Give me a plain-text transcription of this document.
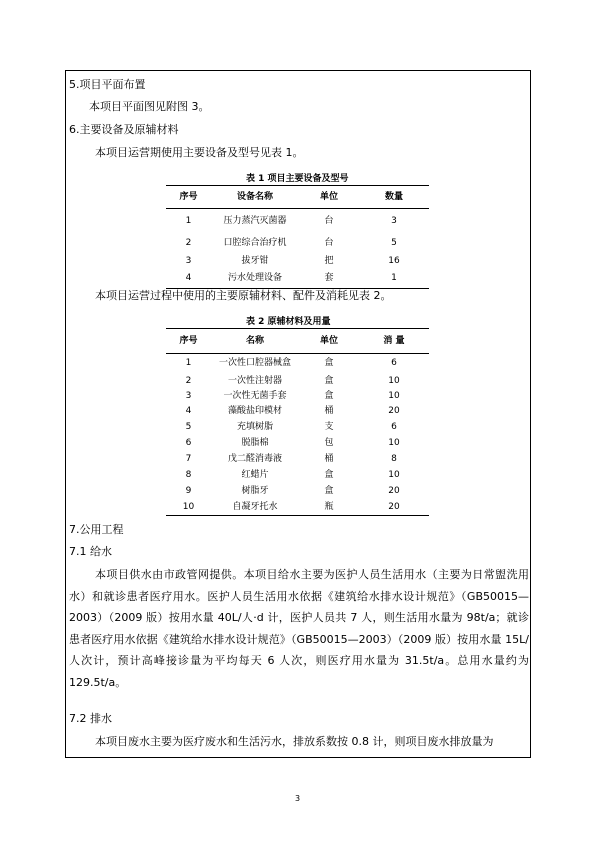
5.项目平面布置
本项目平面图见附图 3。
6.主要设备及原辅材料
本项目运营期使用主要设备及型号见表 1。
表 1 项目主要设备及型号
序号	设备名称	单位	数量
1	压力蒸汽灭菌器	台	3
2	口腔综合治疗机	台	5
3	拔牙钳	把	16
4	污水处理设备	套	1
本项目运营过程中使用的主要原辅材料、配件及消耗见表 2。
表 2 原辅材料及用量
序号	名称	单位	消 量
1	一次性口腔器械盒	盒	6
2	一次性注射器	盒	10
3	一次性无菌手套	盒	10
4	藻酸盐印模材	桶	20
5	充填树脂	支	6
6	脱脂棉	包	10
7	戊二醛消毒液	桶	8
8	红蜡片	盒	10
9	树脂牙	盒	20
10	自凝牙托水	瓶	20
7.公用工程
7.1 给水
本项目供水由市政管网提供。本项目给水主要为医护人员生活用水（主要为日常盥洗用水）和就诊患者医疗用水。医护人员生活用水依据《建筑给水排水设计规范》（GB50015—2003）（2009 版）按用水量 40L/人·d 计，医护人员共 7 人，则生活用水量为 98t/a；就诊患者医疗用水依据《建筑给水排水设计规范》（GB50015—2003）（2009 版）按用水量 15L/人次计，预计高峰接诊量为平均每天 6 人次，则医疗用水量为 31.5t/a。总用水量约为 129.5t/a。
7.2 排水
本项目废水主要为医疗废水和生活污水，排放系数按 0.8 计，则项目废水排放量为
3
